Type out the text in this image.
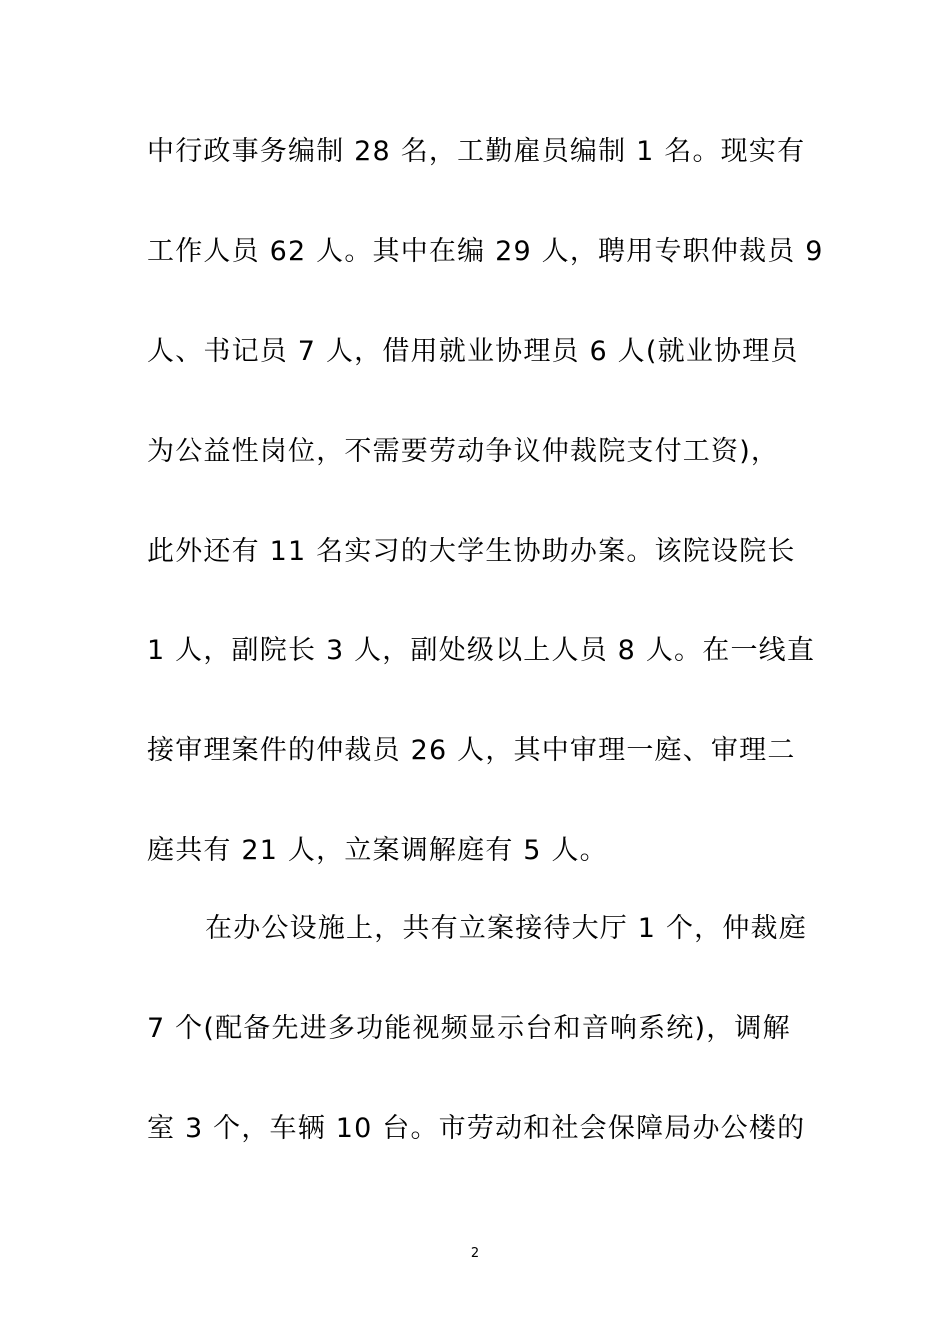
中行政事务编制 28 名，工勤雇员编制 1 名。现实有
工作人员 62 人。其中在编 29 人，聘用专职仲裁员 9
人、书记员 7 人，借用就业协理员 6 人(就业协理员
为公益性岗位，不需要劳动争议仲裁院支付工资)，
此外还有 11 名实习的大学生协助办案。该院设院长
1 人，副院长 3 人，副处级以上人员 8 人。在一线直
接审理案件的仲裁员 26 人，其中审理一庭、审理二
庭共有 21 人，立案调解庭有 5 人。
在办公设施上，共有立案接待大厅 1 个，仲裁庭
7 个(配备先进多功能视频显示台和音响系统)，调解
室 3 个，车辆 10 台。市劳动和社会保障局办公楼的
2
